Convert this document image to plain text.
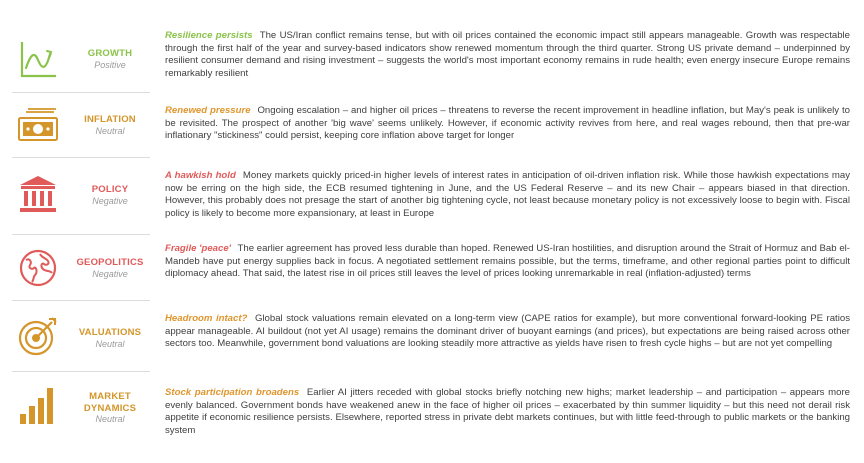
GROWTH
Positive
Resilience persists The US/Iran conflict remains tense, but with oil prices contained the economic impact still appears manageable. Growth was respectable through the first half of the year and survey-based indicators show renewed momentum through the third quarter. Strong US private demand – underpinned by resilient consumer demand and rising investment – suggests the world's most important economy remains in rude health; even energy insecure Europe remains remarkably resilient
INFLATION
Neutral
Renewed pressure Ongoing escalation – and higher oil prices – threatens to reverse the recent improvement in headline inflation, but May's peak is unlikely to be revisited. The prospect of another 'big wave' seems unlikely. However, if economic activity revives from here, and real wages rebound, then that pre-war inflationary "stickiness" could persist, keeping core inflation above target for longer
POLICY
Negative
A hawkish hold Money markets quickly priced-in higher levels of interest rates in anticipation of oil-driven inflation risk. While those hawkish expectations may now be erring on the high side, the ECB resumed tightening in June, and the US Federal Reserve – and its new Chair – appears biased in that direction. However, this probably does not presage the start of another big tightening cycle, not least because monetary policy is not excessively loose to begin with. Fiscal policy is likely to become more expansionary, at least in Europe
GEOPOLITICS
Negative
Fragile 'peace' The earlier agreement has proved less durable than hoped. Renewed US-Iran hostilities, and disruption around the Strait of Hormuz and Bab el-Mandeb have put energy supplies back in focus. A negotiated settlement remains possible, but the terms, timeframe, and other regional parties point to difficult diplomacy ahead. That said, the latest rise in oil prices still leaves the level of prices looking unremarkable in real (inflation-adjusted) terms
VALUATIONS
Neutral
Headroom intact? Global stock valuations remain elevated on a long-term view (CAPE ratios for example), but more conventional forward-looking PE ratios appear manageable. AI buildout (not yet AI usage) remains the dominant driver of buoyant earnings (and prices), but expectations are being raised across other sectors too. Meanwhile, government bond valuations are looking steadily more attractive as yields have risen to fresh cycle highs – but are not yet compelling
MARKET DYNAMICS
Neutral
Stock participation broadens Earlier AI jitters receded with global stocks briefly notching new highs; market leadership – and participation – appears more evenly balanced. Government bonds have weakened anew in the face of higher oil prices – exacerbated by thin summer liquidity – but this need not derail risk appetite if economic resilience persists. Elsewhere, reported stress in private debt markets continues, but with little feed-through to public markets or the banking system
